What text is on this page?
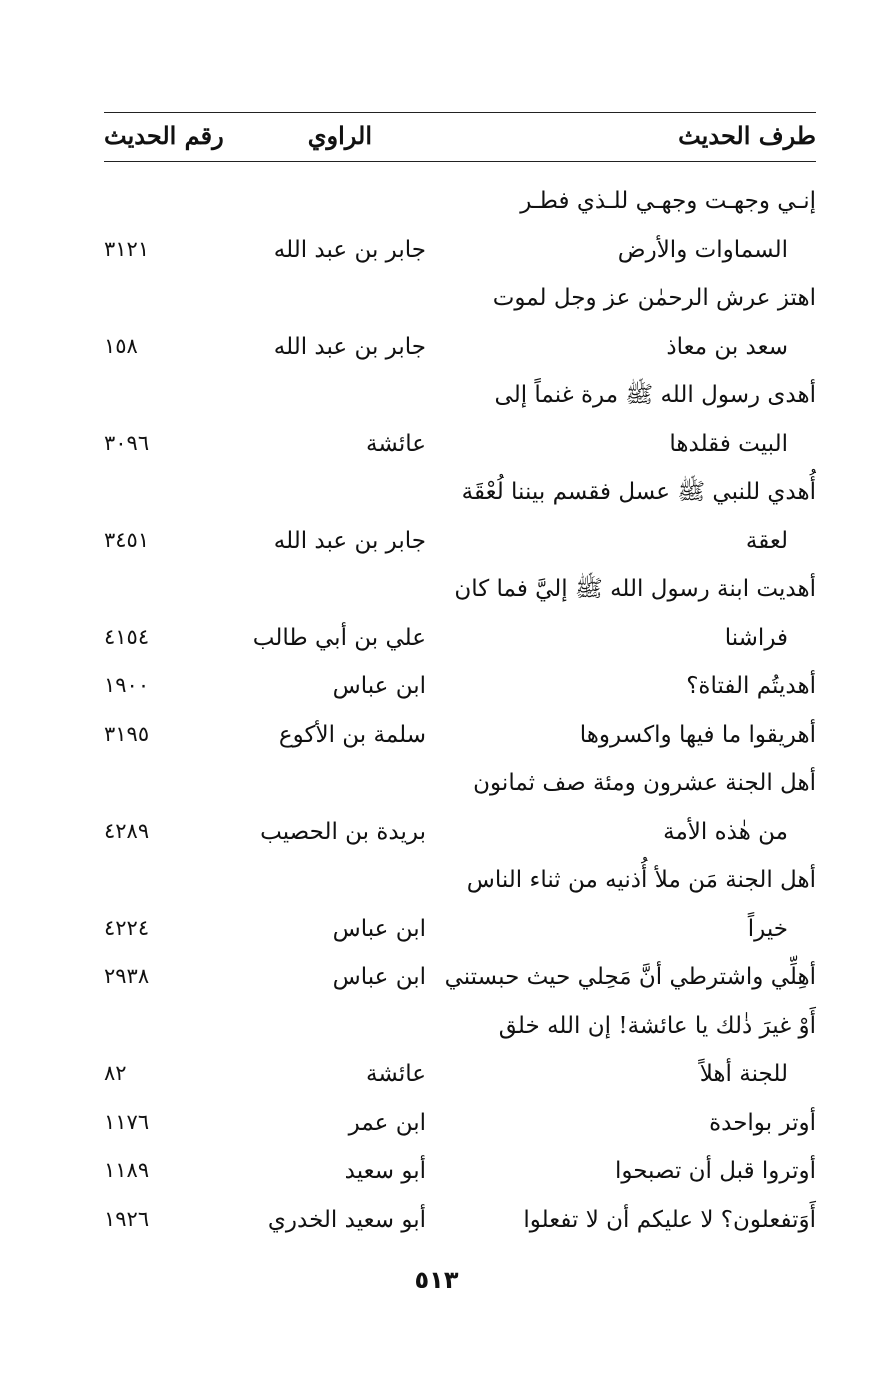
طرف الحديث
الراوي
رقم الحديث
إنـي وجهـت وجهـي للـذي فطـر
السماوات والأرض
جابر بن عبد الله
٣١٢١
اهتز عرش الرحمٰن عز وجل لموت
سعد بن معاذ
جابر بن عبد الله
١٥٨
أهدى رسول الله ﷺ مرة غنماً إلى
البيت فقلدها
عائشة
٣٠٩٦
أُهدي للنبي ﷺ عسل فقسم بيننا لُعْقَة
لعقة
جابر بن عبد الله
٣٤٥١
أهديت ابنة رسول الله ﷺ إليَّ فما كان
فراشنا
علي بن أبي طالب
٤١٥٤
أهديتُم الفتاة؟
ابن عباس
١٩٠٠
أهريقوا ما فيها واكسروها
سلمة بن الأكوع
٣١٩٥
أهل الجنة عشرون ومئة صف ثمانون
من هٰذه الأمة
بريدة بن الحصيب
٤٢٨٩
أهل الجنة مَن ملأ أُذنيه من ثناء الناس
خيراً
ابن عباس
٤٢٢٤
أهِلِّي واشترطي أنَّ مَحِلي حيث حبستني
ابن عباس
٢٩٣٨
أَوْ غيرَ ذٰلك يا عائشة! إن الله خلق
للجنة أهلاً
عائشة
٨٢
أوتر بواحدة
ابن عمر
١١٧٦
أوتروا قبل أن تصبحوا
أبو سعيد
١١٨٩
أَوَتفعلون؟ لا عليكم أن لا تفعلوا
أبو سعيد الخدري
١٩٢٦
٥١٣
